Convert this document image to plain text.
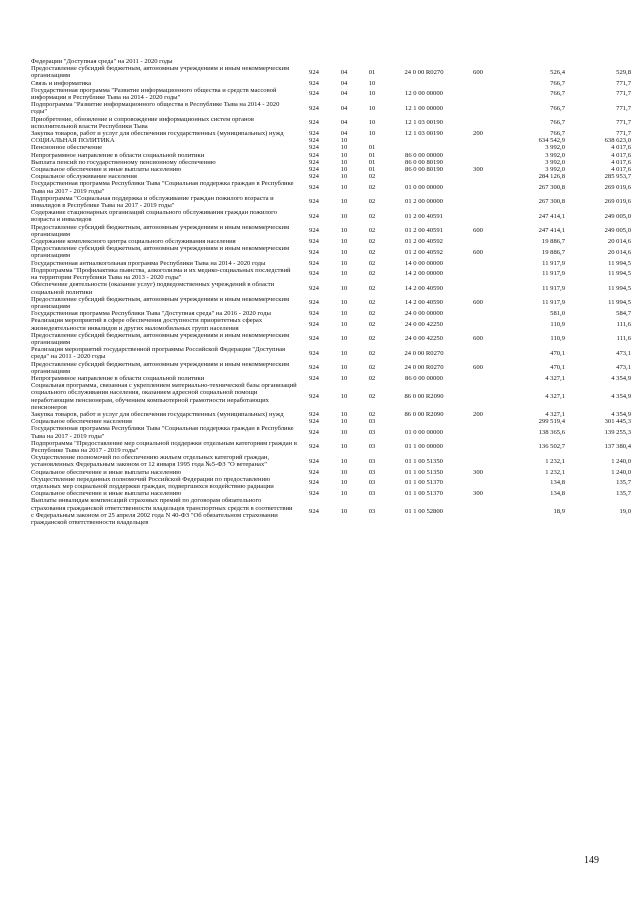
Федерации "Доступная среда" на 2011 - 2020 годы							
Предоставление субсидий бюджетным, автономным учреждениям и иным некоммерческим организациям	924	04	01	24 0 00 R0270	600	526,4	529,8
Связь и информатика	924	04	10			766,7	771,7
Государственная программа "Развитие информационного общества и средств массовой информации в Республике Тыва на 2014 - 2020 годы"	924	04	10	12 0 00 00000		766,7	771,7
Подпрограмма "Развитие информационного общества в Республике Тыва на 2014 - 2020 годы"	924	04	10	12 1 00 00000		766,7	771,7
Приобретение, обновление и сопровождение информационных систем органов исполнительной власти Республики Тыва	924	04	10	12 1 03 00190		766,7	771,7
Закупка товаров, работ и услуг для обеспечения государственных (муниципальных) нужд	924	04	10	12 1 03 00190	200	766,7	771,7
СОЦИАЛЬНАЯ ПОЛИТИКА	924	10				634 542,9	638 623,0
Пенсионное обеспечение	924	10	01			3 992,0	4 017,6
Непрограммное направление в области социальной политики	924	10	01	86 0 00 00000		3 992,0	4 017,6
Выплата пенсий по государственному пенсионному обеспечению	924	10	01	86 0 00 80190		3 992,0	4 017,6
Социальное обеспечение и иные выплаты населению	924	10	01	86 0 00 80190	300	3 992,0	4 017,6
Социальное обслуживание населения	924	10	02			284 126,8	285 953,7
Государственная программа Республики Тыва "Социальная поддержка граждан в Республике Тыва на 2017 - 2019 годы"	924	10	02	01 0 00 00000		267 300,8	269 019,6
Подпрограмма "Социальная поддержка и обслуживание граждан пожилого возраста и инвалидов в Республике Тыва на 2017 - 2019 годы"	924	10	02	01 2 00 00000		267 300,8	269 019,6
Содержание стационарных организаций социального обслуживания граждан пожилого возраста и инвалидов	924	10	02	01 2 00 40591		247 414,1	249 005,0
Предоставление субсидий бюджетным, автономным учреждениям и иным некоммерческим организациям	924	10	02	01 2 00 40591	600	247 414,1	249 005,0
Содержание комплексного центра социального обслуживания населения	924	10	02	01 2 00 40592		19 886,7	20 014,6
Предоставление субсидий бюджетным, автономным учреждениям и иным некоммерческим организациям	924	10	02	01 2 00 40592	600	19 886,7	20 014,6
Государственная антиалкогольная программа Республики Тыва на 2014 - 2020 годы	924	10	02	14 0 00 00000		11 917,9	11 994,5
Подпрограмма "Профилактика пьянства, алкоголизма и их медико-социальных последствий на территории Республики Тыва на 2013 - 2020 годы"	924	10	02	14 2 00 00000		11 917,9	11 994,5
Обеспечение деятельности (оказание услуг) подведомственных учреждений в области социальной политики	924	10	02	14 2 00 40590		11 917,9	11 994,5
Предоставление субсидий бюджетным, автономным учреждениям и иным некоммерческим организациям	924	10	02	14 2 00 40590	600	11 917,9	11 994,5
Государственная программа Республики Тыва "Доступная среда" на 2016 - 2020 годы	924	10	02	24 0 00 00000		581,0	584,7
Реализация мероприятий в сфере обеспечения доступности приоритетных сферах жизнедеятельности инвалидов и других маломобильных групп населения	924	10	02	24 0 00 42250		110,9	111,6
Предоставление субсидий бюджетным, автономным учреждениям и иным некоммерческим организациям	924	10	02	24 0 00 42250	600	110,9	111,6
Реализация мероприятий государственной программы Российской Федерации "Доступная среда" на 2011 - 2020 годы	924	10	02	24 0 00 R0270		470,1	473,1
Предоставление субсидий бюджетным, автономным учреждениям и иным некоммерческим организациям	924	10	02	24 0 00 R0270	600	470,1	473,1
Непрограммное направление в области социальной политики	924	10	02	86 0 00 00000		4 327,1	4 354,9
Социальная программа, связанная с укреплением материально-технической базы организаций социального обслуживания населения, оказанием адресной социальной помощи неработающим пенсионерам, обучением компьютерной грамотности неработающих пенсионеров	924	10	02	86 0 00 R2090		4 327,1	4 354,9
Закупка товаров, работ и услуг для обеспечения государственных (муниципальных) нужд	924	10	02	86 0 00 R2090	200	4 327,1	4 354,9
Социальное обеспечение населения	924	10	03			299 519,4	301 445,3
Государственная программа Республики Тыва "Социальная поддержка граждан в Республике Тыва на 2017 - 2019 годы"	924	10	03	01 0 00 00000		138 365,6	139 255,3
Подпрограмма "Предоставление мер социальной поддержки отдельным категориям граждан в Республике Тыва на 2017 - 2019 годы"	924	10	03	01 1 00 00000		136 502,7	137 380,4
Осуществление полномочий по обеспечению жильем отдельных категорий граждан, установленных Федеральным законом от 12 января 1995 года №5-ФЗ "О ветеранах"	924	10	03	01 1 00 51350		1 232,1	1 240,0
Социальное обеспечение и иные выплаты населению	924	10	03	01 1 00 51350	300	1 232,1	1 240,0
Осуществление переданных полномочий Российской Федерации по предоставлению отдельных мер социальной поддержки граждан, подвергшихся воздействию радиации	924	10	03	01 1 00 51370		134,8	135,7
Социальное обеспечение и иные выплаты населению	924	10	03	01 1 00 51370	300	134,8	135,7
Выплаты инвалидам компенсаций страховых премий по договорам обязательного страхования гражданской ответственности владельцев транспортных средств в соответствии с Федеральным законом от 25 апреля 2002 года N 40-ФЗ "Об обязательном страховании гражданской ответственности владельцев	924	10	03	01 1 00 52800		18,9	19,0
149
